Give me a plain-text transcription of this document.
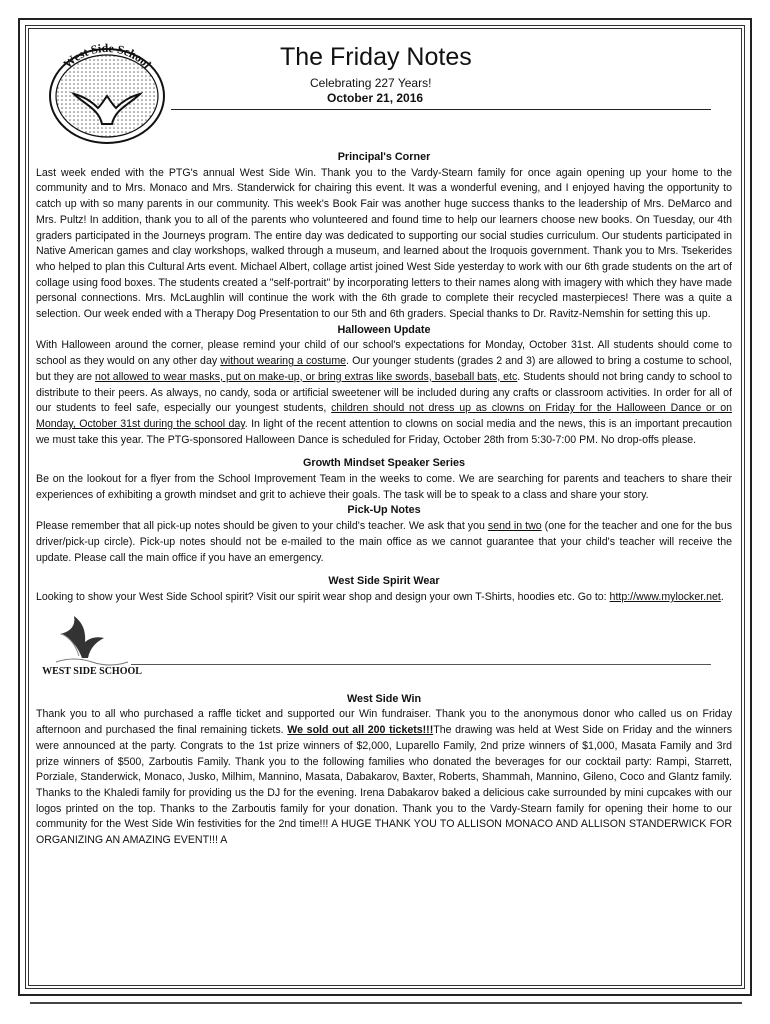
West Side School	The Friday Notes
Celebrating 227 Years!
October 21, 2016
Principal's Corner

Last week ended with the PTG's annual West Side Win. Thank you to the Vardy-Stearn family for once again opening up your home to the community and to Mrs. Monaco and Mrs. Standerwick for chairing this event. It was a wonderful evening, and I enjoyed having the opportunity to catch up with so many parents in our community. This week's Book Fair was another huge success thanks to the leadership of Mrs. DeMarco and Mrs. Pultz! In addition, thank you to all of the parents who volunteered and found time to help our learners choose new books. On Tuesday, our 4th graders participated in the Journeys program. The entire day was dedicated to supporting our social studies curriculum. Our students participated in Native American games and clay workshops, walked through a museum, and learned about the Iroquois government. Thank you to Mrs. Tsekerides who helped to plan this Cultural Arts event. Michael Albert, collage artist joined West Side yesterday to work with our 6th grade students on the art of collage using food boxes. The students created a "self-portrait" by incorporating letters to their names along with imagery with which they have made personal connections. Mrs. McLaughlin will continue the work with the 6th grade to complete their recycled masterpieces! There was a quite a selection. Our week ended with a Therapy Dog Presentation to our 5th and 6th graders. Special thanks to Dr. Ravitz-Nemshin for setting this up.

Halloween Update

With Halloween around the corner, please remind your child of our school's expectations for Monday, October 31st. All students should come to school as they would on any other day without wearing a costume. Our younger students (grades 2 and 3) are allowed to bring a costume to school, but they are not allowed to wear masks, put on make-up, or bring extras like swords, baseball bats, etc. Students should not bring candy to school to distribute to their peers. As always, no candy, soda or artificial sweetener will be included during any crafts or classroom activities. In order for all of our students to feel safe, especially our youngest students, children should not dress up as clowns on Friday for the Halloween Dance or on Monday, October 31st during the school day. In light of the recent attention to clowns on social media and the news, this is an important precaution we must take this year. The PTG-sponsored Halloween Dance is scheduled for Friday, October 28th from 5:30-7:00 PM. No drop-offs please.

Growth Mindset Speaker Series

Be on the lookout for a flyer from the School Improvement Team in the weeks to come. We are searching for parents and teachers to share their experiences of exhibiting a growth mindset and grit to achieve their goals. The task will be to speak to a class and share your story.

Pick-Up Notes

Please remember that all pick-up notes should be given to your child's teacher. We ask that you send in two (one for the teacher and one for the bus driver/pick-up circle). Pick-up notes should not be e-mailed to the main office as we cannot guarantee that your child's teacher will receive the update. Please call the main office if you have an emergency.

West Side Spirit Wear

Looking to show your West Side School spirit? Visit our spirit wear shop and design your own T-Shirts, hoodies etc. Go to: http://www.mylocker.net.

WEST SIDE SCHOOL
West Side Win

Thank you to all who purchased a raffle ticket and supported our Win fundraiser. Thank you to the anonymous donor who called us on Friday afternoon and purchased the final remaining tickets. We sold out all 200 tickets!!!The drawing was held at West Side on Friday and the winners were announced at the party. Congrats to the 1st prize winners of $2,000, Luparello Family, 2nd prize winners of $1,000, Masata Family and 3rd prize winners of $500, Zarboutis Family. Thank you to the following families who donated the beverages for our cocktail party: Rampi, Starrett, Porziale, Standerwick, Monaco, Jusko, Milhim, Mannino, Masata, Dabakarov, Baxter, Roberts, Shammah, Mannino, Gileno, Coco and Glantz family. Thanks to the Khaledi family for providing us the DJ for the evening. Irena Dabakarov baked a delicious cake surrounded by mini cupcakes with our logos printed on the top. Thanks to the Zarboutis family for your donation. Thank you to the Vardy-Stearn family for opening their home to our community for the West Side Win festivities for the 2nd time!!! A HUGE THANK YOU TO ALLISON MONACO AND ALLISON STANDERWICK FOR ORGANIZING AN AMAZING EVENT!!! A
